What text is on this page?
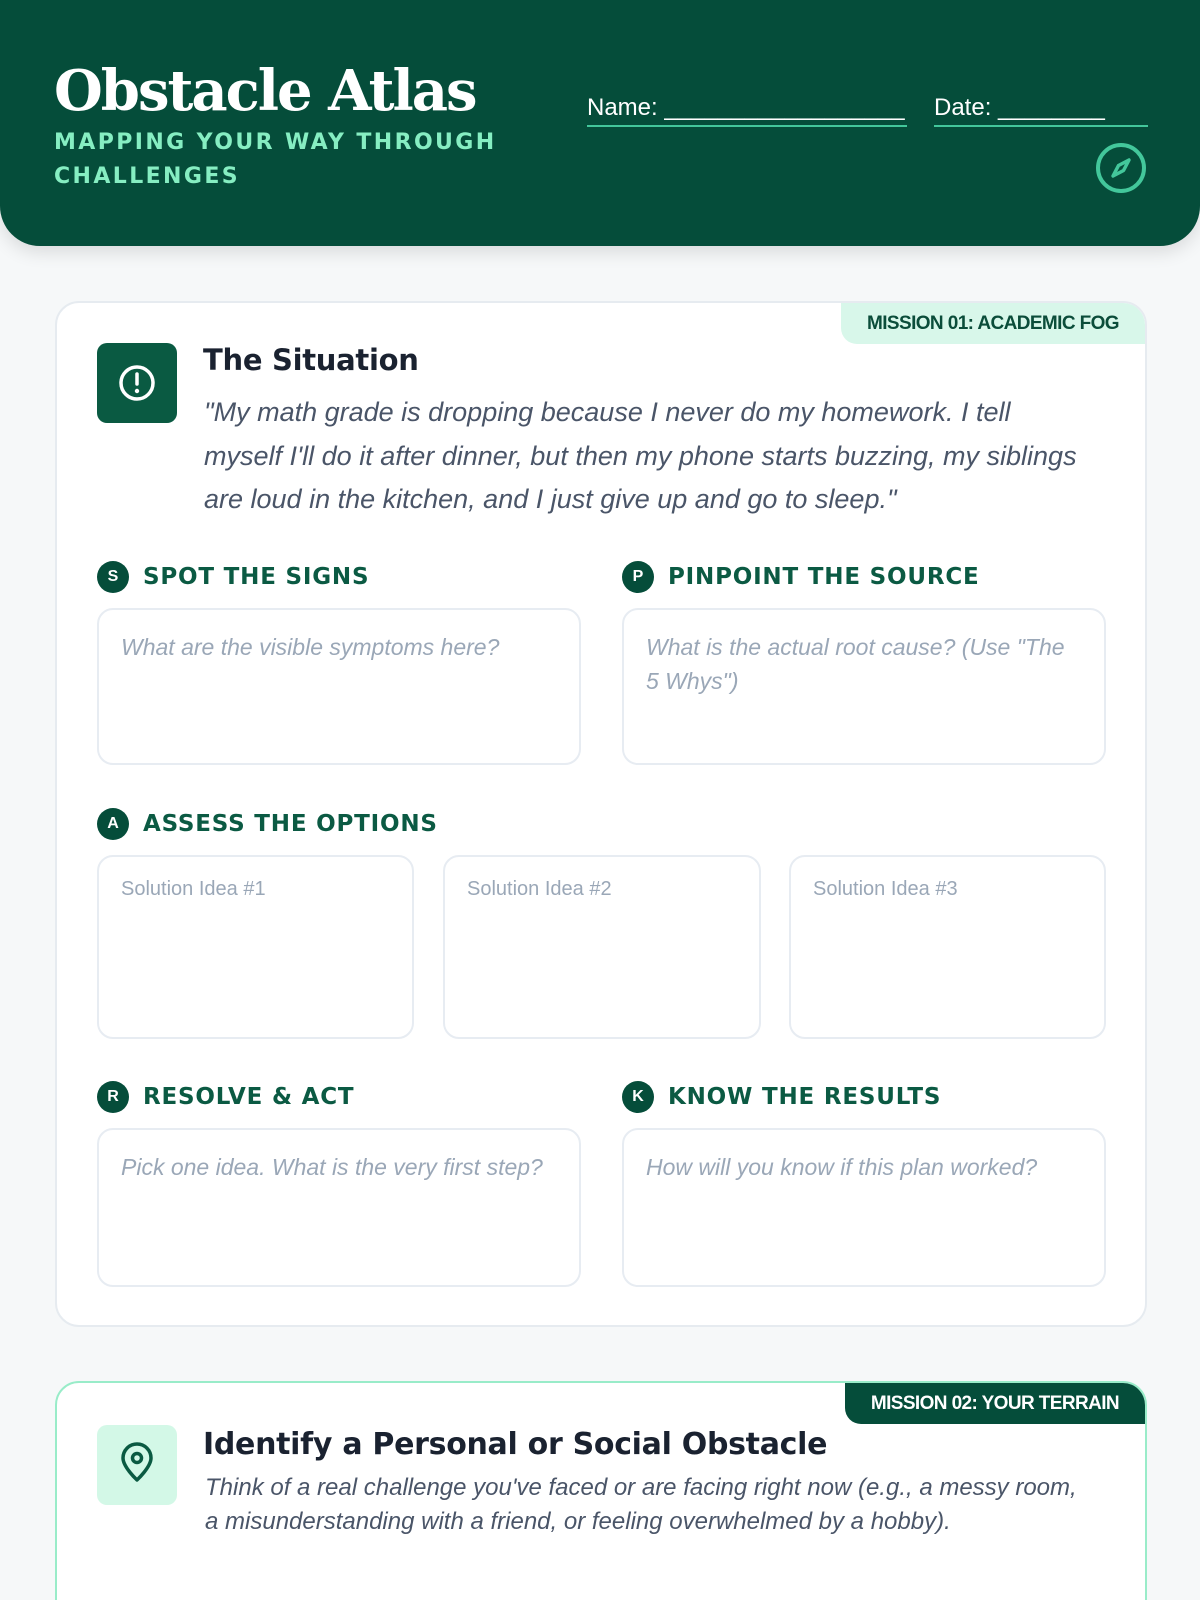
Obstacle Atlas
MAPPING YOUR WAY THROUGH CHALLENGES
Name: __________________ Date: ________
MISSION 01: ACADEMIC FOG
The Situation
"My math grade is dropping because I never do my homework. I tell myself I'll do it after dinner, but then my phone starts buzzing, my siblings are loud in the kitchen, and I just give up and go to sleep."
S	SPOT THE SIGNS
What are the visible symptoms here?
P	PINPOINT THE SOURCE
What is the actual root cause? (Use "The 5 Whys")
A	ASSESS THE OPTIONS
Solution Idea #1	Solution Idea #2	Solution Idea #3
R	RESOLVE & ACT
Pick one idea. What is the very first step?
K	KNOW THE RESULTS
How will you know if this plan worked?
MISSION 02: YOUR TERRAIN
Identify a Personal or Social Obstacle
Think of a real challenge you've faced or are facing right now (e.g., a messy room, a misunderstanding with a friend, or feeling overwhelmed by a hobby).
